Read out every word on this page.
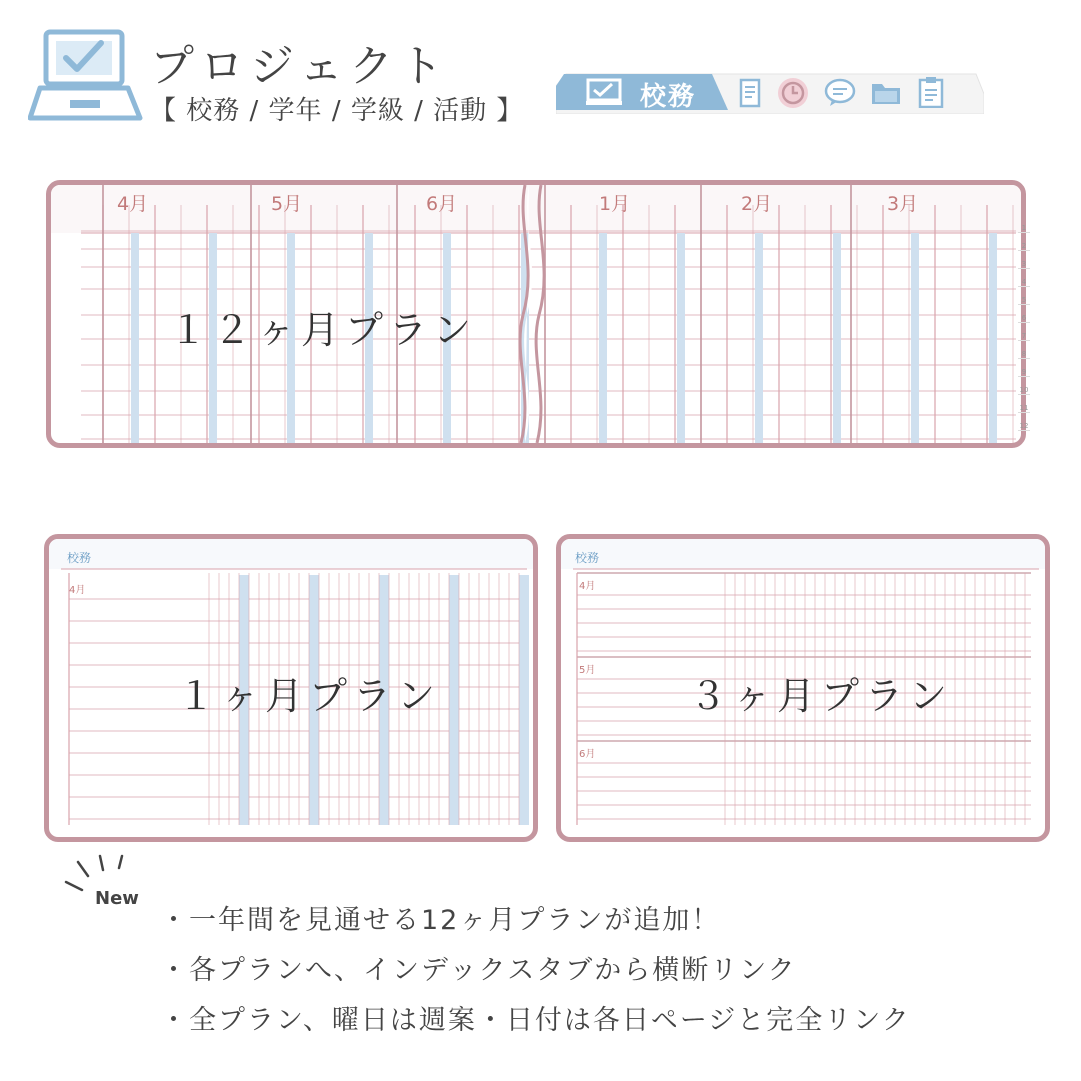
プロジェクト
【 校務 / 学年 / 学級 / 活動 】	校務
4月	5月	6月	1月	2月	3月
１２ヶ月プラン
校務
4月
１ヶ月プラン
校務
4月
5月
6月
３ヶ月プラン
1
2
3
4
5
6
7
8
9
10
11
12
New
・一年間を見通せる12ヶ月プランが追加！
・各プランへ、インデックスタブから横断リンク
・全プラン、曜日は週案・日付は各日ページと完全リンク
